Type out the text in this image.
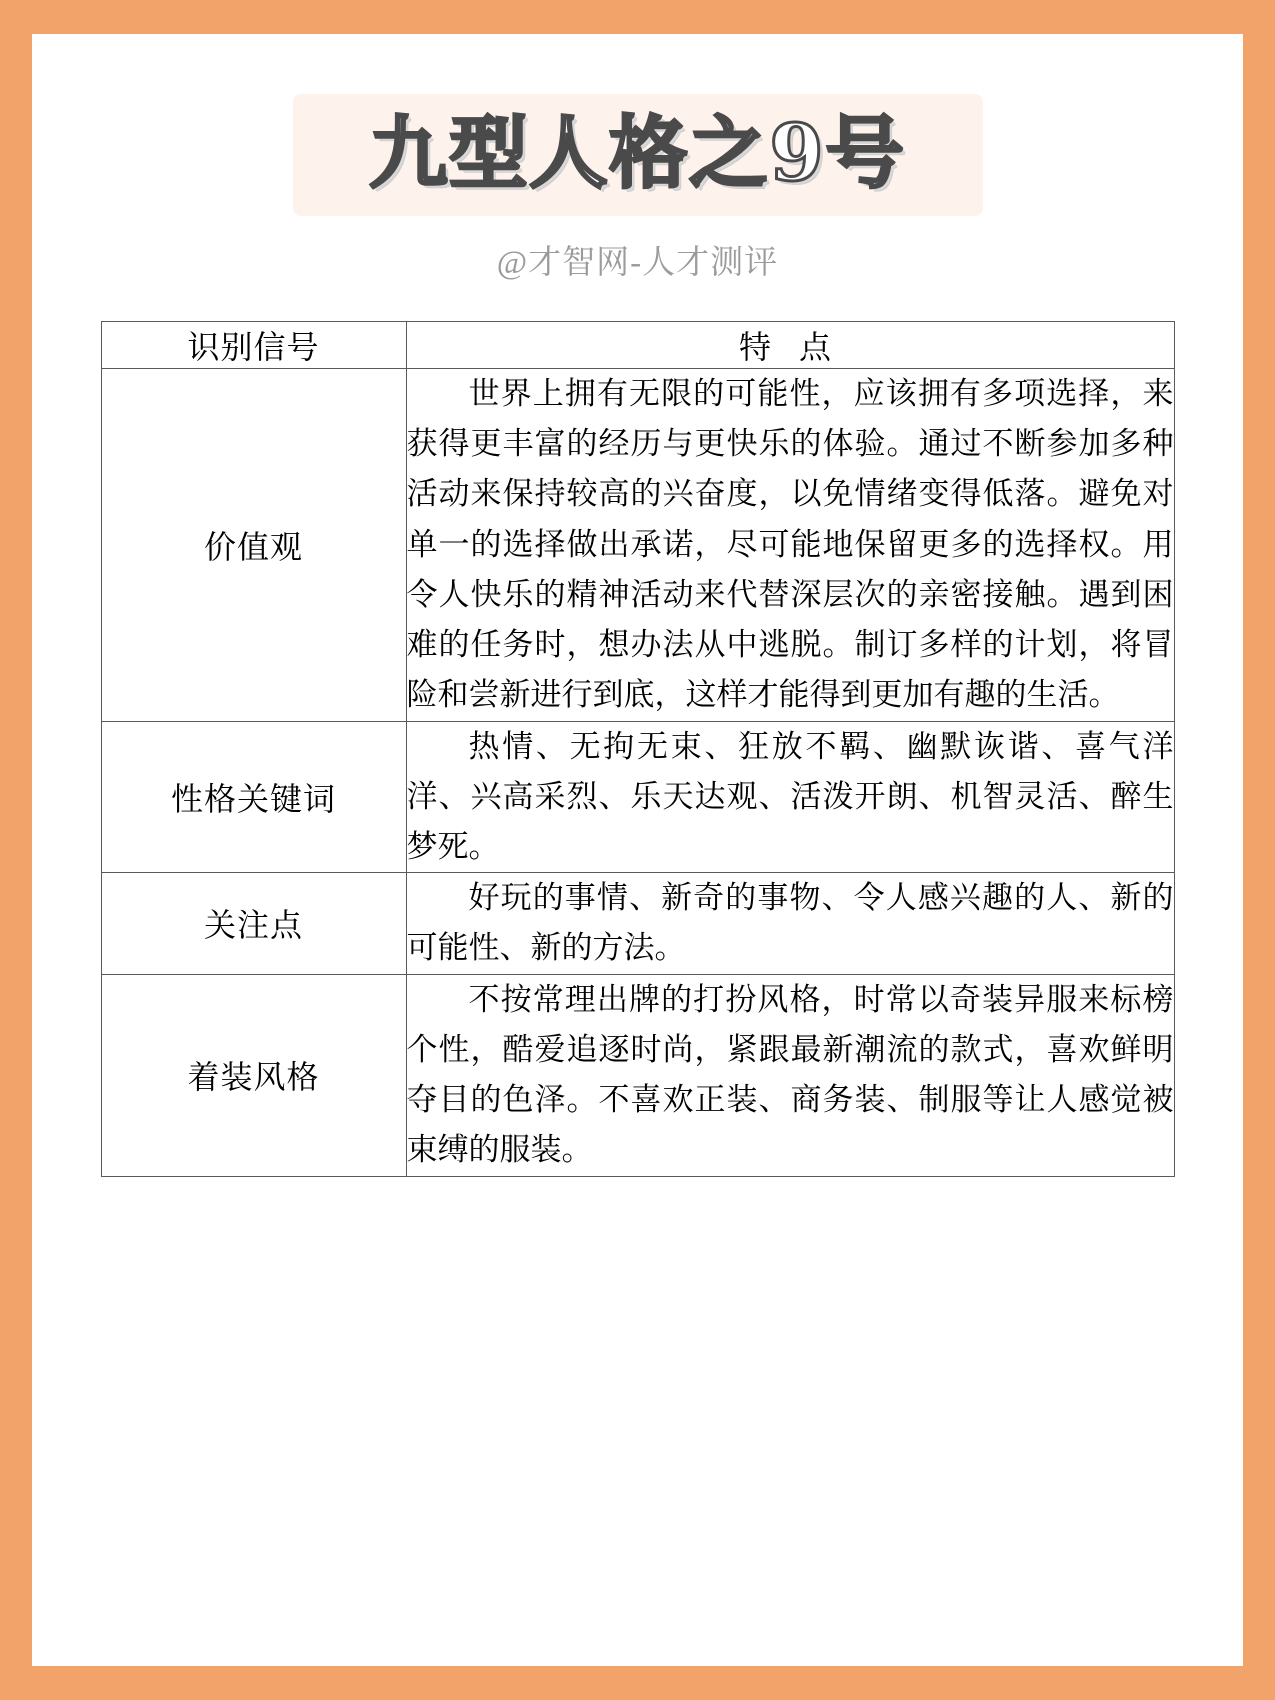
九型人格之9号
@才智网-人才测评
识别信号	特 点
价值观	世界上拥有无限的可能性，应该拥有多项选择，来获得更丰富的经历与更快乐的体验。通过不断参加多种活动来保持较高的兴奋度，以免情绪变得低落。避免对单一的选择做出承诺，尽可能地保留更多的选择权。用令人快乐的精神活动来代替深层次的亲密接触。遇到困难的任务时，想办法从中逃脱。制订多样的计划，将冒险和尝新进行到底，这样才能得到更加有趣的生活。

性格关键词	热情、无拘无束、狂放不羁、幽默诙谐、喜气洋洋、兴高采烈、乐天达观、活泼开朗、机智灵活、醉生梦死。

关注点	好玩的事情、新奇的事物、令人感兴趣的人、新的可能性、新的方法。

着装风格	不按常理出牌的打扮风格，时常以奇装异服来标榜个性，酷爱追逐时尚，紧跟最新潮流的款式，喜欢鲜明夺目的色泽。不喜欢正装、商务装、制服等让人感觉被束缚的服装。
